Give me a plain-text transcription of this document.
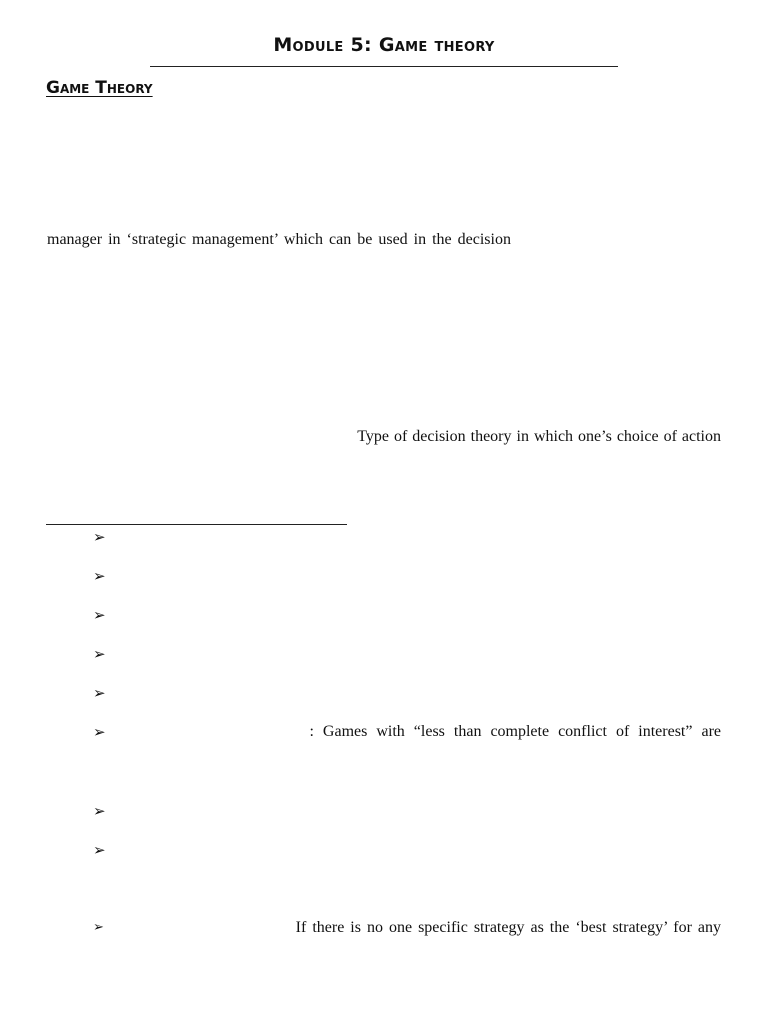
Module 5: Game theory
Game Theory
manager in ‘strategic management’ which can be used in the decision
Type of decision theory in which one’s choice of action
➢
➢
➢
➢
➢
➢	: Games with “less than complete conflict of interest” are
➢
➢
➢	If there is no one specific strategy as the ‘best strategy’ for any
